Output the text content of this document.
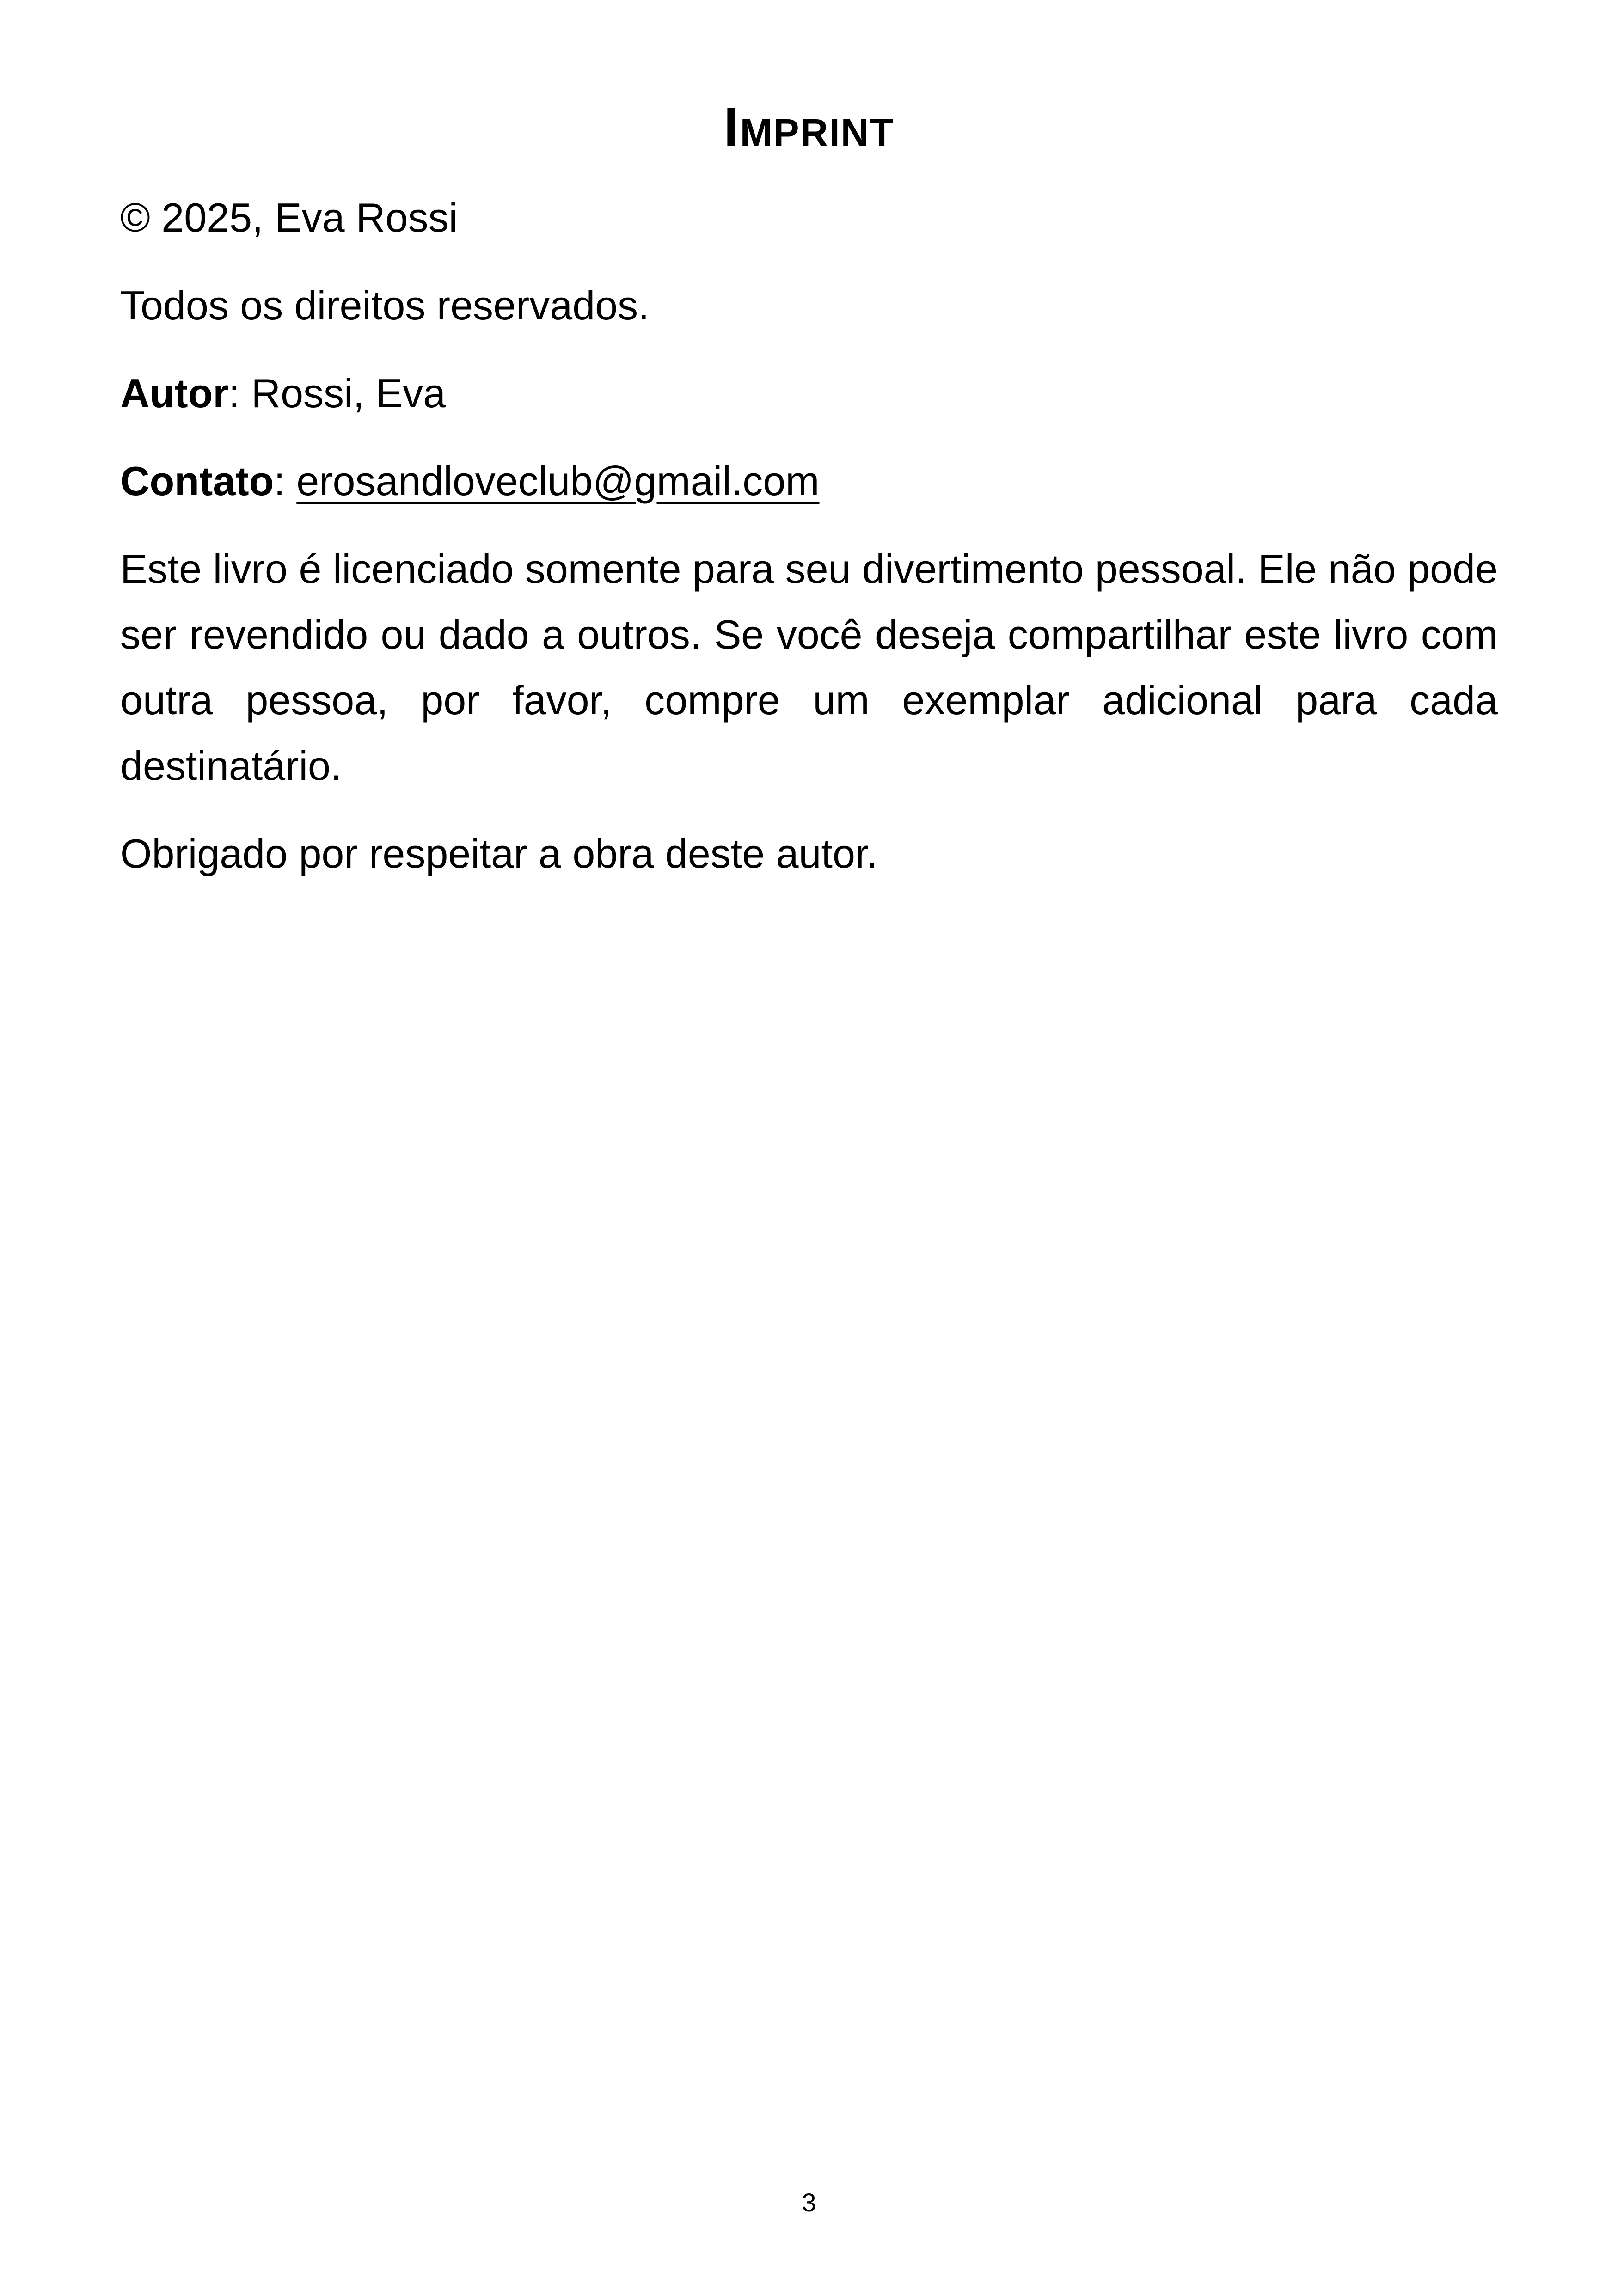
Imprint

© 2025, Eva Rossi

Todos os direitos reservados.

Autor: Rossi, Eva

Contato: erosandloveclub@gmail.com

Este livro é licenciado somente para seu divertimento pessoal. Ele não pode ser revendido ou dado a outros. Se você deseja compartilhar este livro com outra pessoa, por favor, compre um exemplar adicional para cada destinatário.

Obrigado por respeitar a obra deste autor.

3
